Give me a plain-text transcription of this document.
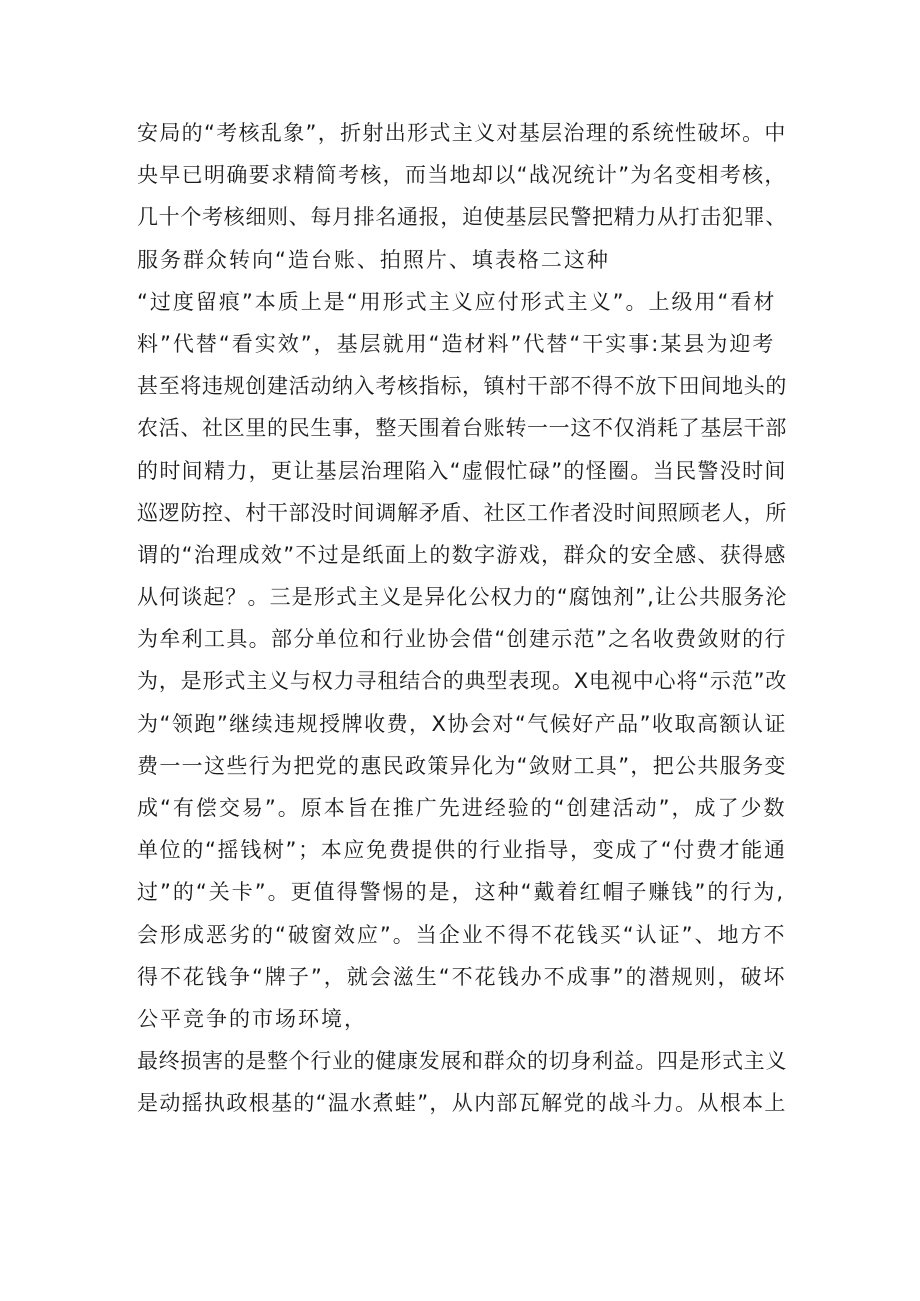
安局的“考核乱象”，折射出形式主义对基层治理的系统性破坏。中
央早已明确要求精简考核，而当地却以“战况统计”为名变相考核，
几十个考核细则、每月排名通报，迫使基层民警把精力从打击犯罪、
服务群众转向“造台账、拍照片、填表格二这种
“过度留痕”本质上是“用形式主义应付形式主义”。上级用“看材
料”代替“看实效”，基层就用“造材料”代替“干实事:某县为迎考
甚至将违规创建活动纳入考核指标，镇村干部不得不放下田间地头的
农活、社区里的民生事，整天围着台账转一一这不仅消耗了基层干部
的时间精力，更让基层治理陷入“虚假忙碌”的怪圈。当民警没时间
巡逻防控、村干部没时间调解矛盾、社区工作者没时间照顾老人，所
谓的“治理成效”不过是纸面上的数字游戏，群众的安全感、获得感
从何谈起？。三是形式主义是异化公权力的“腐蚀剂”,让公共服务沦
为牟利工具。部分单位和行业协会借“创建示范”之名收费敛财的行
为，是形式主义与权力寻租结合的典型表现。X电视中心将“示范”改
为“领跑”继续违规授牌收费，X协会对“气候好产品”收取高额认证
费一一这些行为把党的惠民政策异化为“敛财工具”，把公共服务变
成“有偿交易”。原本旨在推广先进经验的“创建活动”，成了少数
单位的“摇钱树”；本应免费提供的行业指导，变成了“付费才能通
过”的“关卡”。更值得警惕的是，这种“戴着红帽子赚钱”的行为,
会形成恶劣的“破窗效应”。当企业不得不花钱买“认证”、地方不
得不花钱争“牌子”，就会滋生“不花钱办不成事”的潜规则，破坏
公平竞争的市场环境，
最终损害的是整个行业的健康发展和群众的切身利益。四是形式主义
是动摇执政根基的“温水煮蛙”，从内部瓦解党的战斗力。从根本上
